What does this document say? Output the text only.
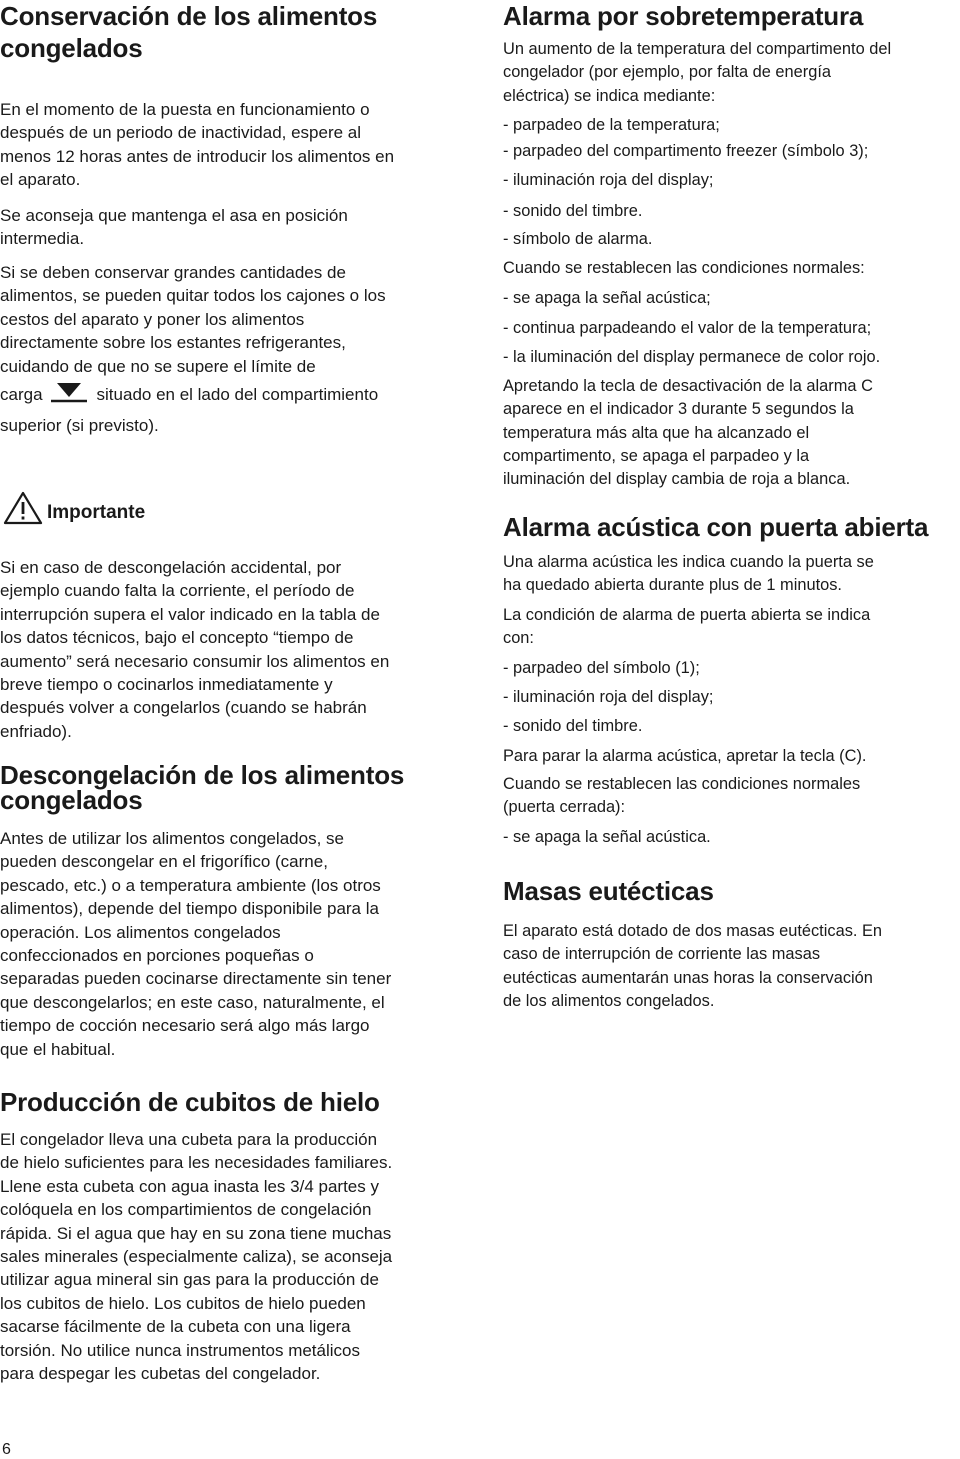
Conservación de los alimentos
congelados

En el momento de la puesta en funcionamiento o
después de un periodo de inactividad, espere al
menos 12 horas antes de introducir los alimentos en
el aparato.

Se aconseja que mantenga el asa en posición
intermedia.

Si se deben conservar grandes cantidades de
alimentos, se pueden quitar todos los cajones o los
cestos del aparato y poner los alimentos
directamente sobre los estantes refrigerantes,
cuidando de que no se supere el límite de

carga	situado en el lado del compartimiento

superior (si previsto).

Importante

Si en caso de descongelación accidental, por
ejemplo cuando falta la corriente, el período de
interrupción supera el valor indicado en la tabla de
los datos técnicos, bajo el concepto “tiempo de
aumento” será necesario consumir los alimentos en
breve tiempo o cocinarlos inmediatamente y
después volver a congelarlos (cuando se habrán
enfriado).

Descongelación de los alimentos
congelados

Antes de utilizar los alimentos congelados, se
pueden descongelar en el frigorífico (carne,
pescado, etc.) o a temperatura ambiente (los otros
alimentos), depende del tiempo disponibile para la
operación. Los alimentos congelados
confeccionados en porciones poqueñas o
separadas pueden cocinarse directamente sin tener
que descongelarlos; en este caso, naturalmente, el
tiempo de cocción necesario será algo más largo
que el habitual.

Producción de cubitos de hielo

El congelador lleva una cubeta para la producción
de hielo suficientes para les necesidades familiares.
Llene esta cubeta con agua inasta les 3/4 partes y
colóquela en los compartimientos de congelación
rápida. Si el agua que hay en su zona tiene muchas
sales minerales (especialmente caliza), se aconseja
utilizar agua mineral sin gas para la producción de
los cubitos de hielo. Los cubitos de hielo pueden
sacarse fácilmente de la cubeta con una ligera
torsión. No utilice nunca instrumentos metálicos
para despegar les cubetas del congelador.

Alarma por sobretemperatura

Un aumento de la temperatura del compartimento del
congelador (por ejemplo, por falta de energía
eléctrica) se indica mediante:

- parpadeo de la temperatura;

- parpadeo del compartimento freezer (símbolo 3);

- iluminación roja del display;

- sonido del timbre.

- símbolo de alarma.

Cuando se restablecen las condiciones normales:

- se apaga la señal acústica;

- continua parpadeando el valor de la temperatura;

- la iluminación del display permanece de color rojo.

Apretando la tecla de desactivación de la alarma C
aparece en el indicador 3 durante 5 segundos la
temperatura más alta que ha alcanzado el
compartimento, se apaga el parpadeo y la
iluminación del display cambia de roja a blanca.

Alarma acústica con puerta abierta

Una alarma acústica les indica cuando la puerta se
ha quedado abierta durante plus de 1 minutos.

La condición de alarma de puerta abierta se indica
con:

- parpadeo del símbolo (1);

- iluminación roja del display;

- sonido del timbre.

Para parar la alarma acústica, apretar la tecla (C).

Cuando se restablecen las condiciones normales
(puerta cerrada):

- se apaga la señal acústica.

Masas eutécticas

El aparato está dotado de dos masas eutécticas. En
caso de interrupción de corriente las masas
eutécticas aumentarán unas horas la conservación
de los alimentos congelados.

6
